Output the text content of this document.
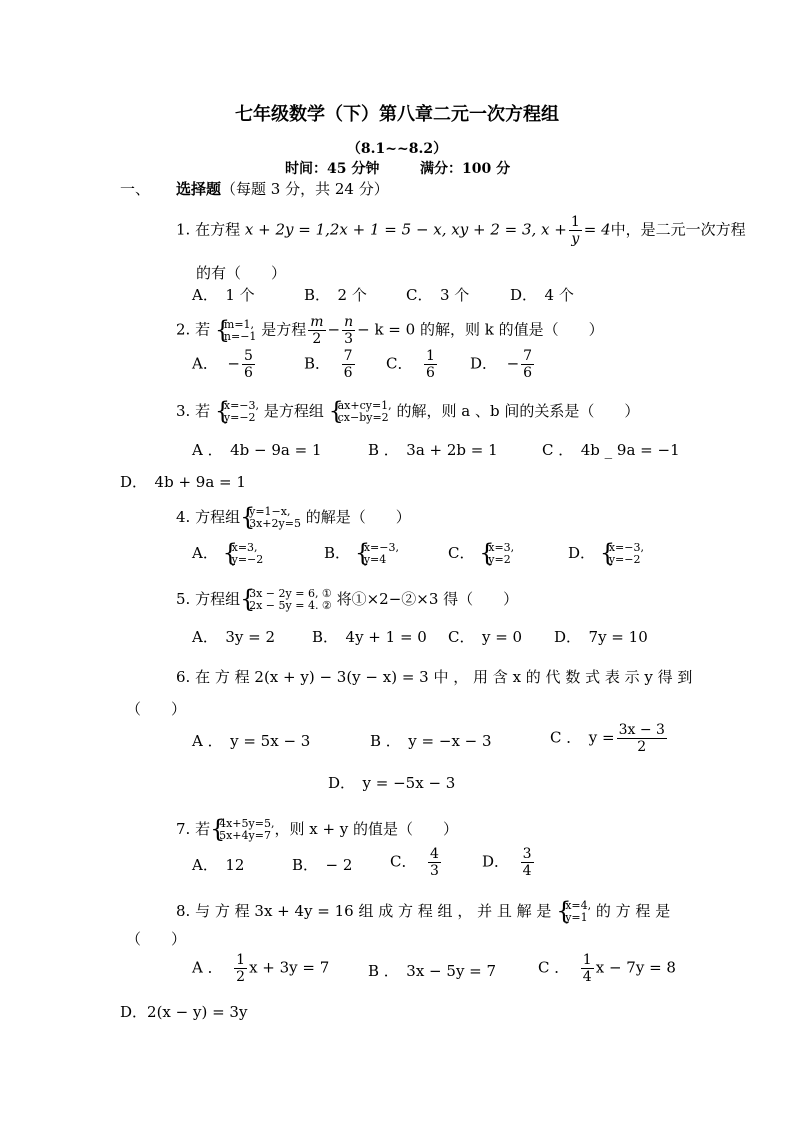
七年级数学（下）第八章二元一次方程组
（8.1~~8.2）
时间：45 分钟	满分：100 分
一、 选择题（每题 3 分，共 24 分）
1. 在方程 x + 2y = 1,2x + 1 = 5 − x, xy + 2 = 3, $x + \frac{1}{y} = 4$中，是二元一次方程
的有（　　）
A．　1 个	B．　2 个	C．　3 个	D．　4 个
2. 若 { m=1,
n=−1 是方程 $\frac{m}{2} - \frac{n}{3} - k = 0$ 的解，则 k 的值是（　　）
A． − $\frac{5}{6}$	B． $\frac{7}{6}$ C． $\frac{1}{6}$ D． − $\frac{7}{6}$
3. 若 { x=−3,
y=−2 是方程组 { ax+cy=1,
cx−by=2 的解，则 a 、b 间的关系是（　　）
A ．　4b − 9a = 1	B ．　3a + 2b = 1	C ．　4b _ 9a = −1
D．　4b + 9a = 1
4. 方程组 { y=1−x,
3x+2y=5 的解是（　　）
A． { x=3,
y=−2	B． { x=−3,
y=4	C． { x=3,
y=2	D． { x=−3,
y=−2
5. 方程组 { 3x − 2y = 6, ①
2x − 5y = 4. ② 将①×2−②×3 得（　　）
A．　3y = 2 B．　4y + 1 = 0 C．　y = 0 D．　7y = 10
6. 在 方 程 2(x + y) − 3(y − x) = 3 中 ， 用 含 x 的 代 数 式 表 示 y 得 到
（　　）
A ．　y = 5x − 3	B ．　y = −x − 3	C ．　$y = \frac{3x - 3}{2}$
D．　y = −5x − 3
7. 若 { 4x+5y=5,
5x+4y=7 ，则 x + y 的值是（　　）
A．　12	B．　− 2	C． $\frac{4}{3}$	D． $\frac{3}{4}$
8. 与 方 程 3x + 4y = 16 组 成 方 程 组 ， 并 且 解 是 { x=4,
y=1 的 方 程 是
（　　）
A ． $\frac{1}{2}$ x + 3y = 7	B ．　3x − 5y = 7	C ． $\frac{1}{4}$ x − 7y = 8
D．2(x − y) = 3y
